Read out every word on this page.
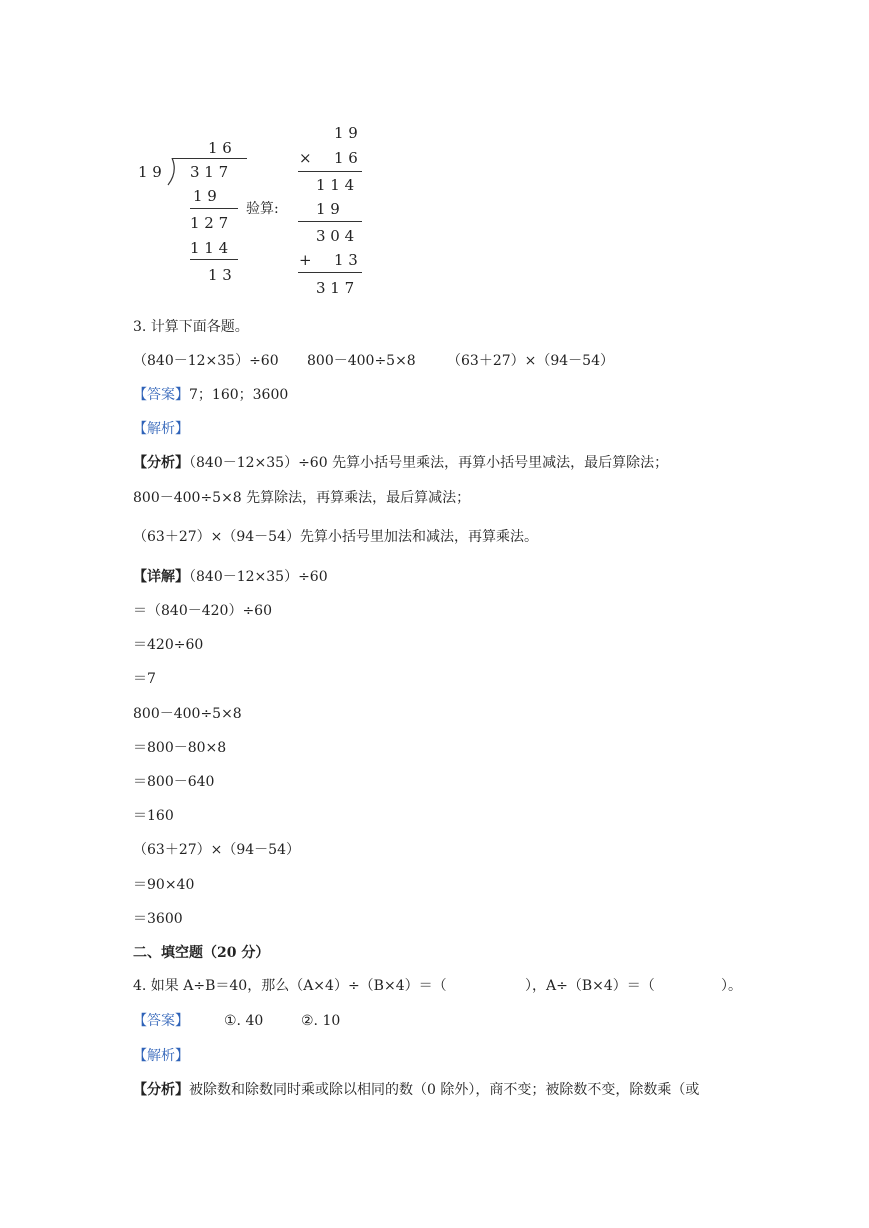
1 6
1 9 3 1 7
1 9
1 2 7
1 1 4
1 3
验算:
1 9
× 1 6
1 1 4
1 9
3 0 4
+ 1 3
3 1 7
3. 计算下面各题。
（840－12×35）÷60 800－400÷5×8 （63＋27）×（94－54）
【答案】7；160；3600
【解析】
【分析】（840－12×35）÷60 先算小括号里乘法，再算小括号里减法，最后算除法；
800－400÷5×8 先算除法，再算乘法，最后算减法；
（63＋27）×（94－54）先算小括号里加法和减法，再算乘法。
【详解】（840－12×35）÷60
＝（840－420）÷60
＝420÷60
＝7
800－400÷5×8
＝800－80×8
＝800－640
＝160
（63＋27）×（94－54）
＝90×40
＝3600
二、填空题（20 分）
4. 如果 A÷B＝40，那么（A×4）÷（B×4）＝（	），A÷（B×4）＝（	）。
【答案】	①. 40	②. 10
【解析】
【分析】被除数和除数同时乘或除以相同的数（0 除外），商不变；被除数不变，除数乘（或
